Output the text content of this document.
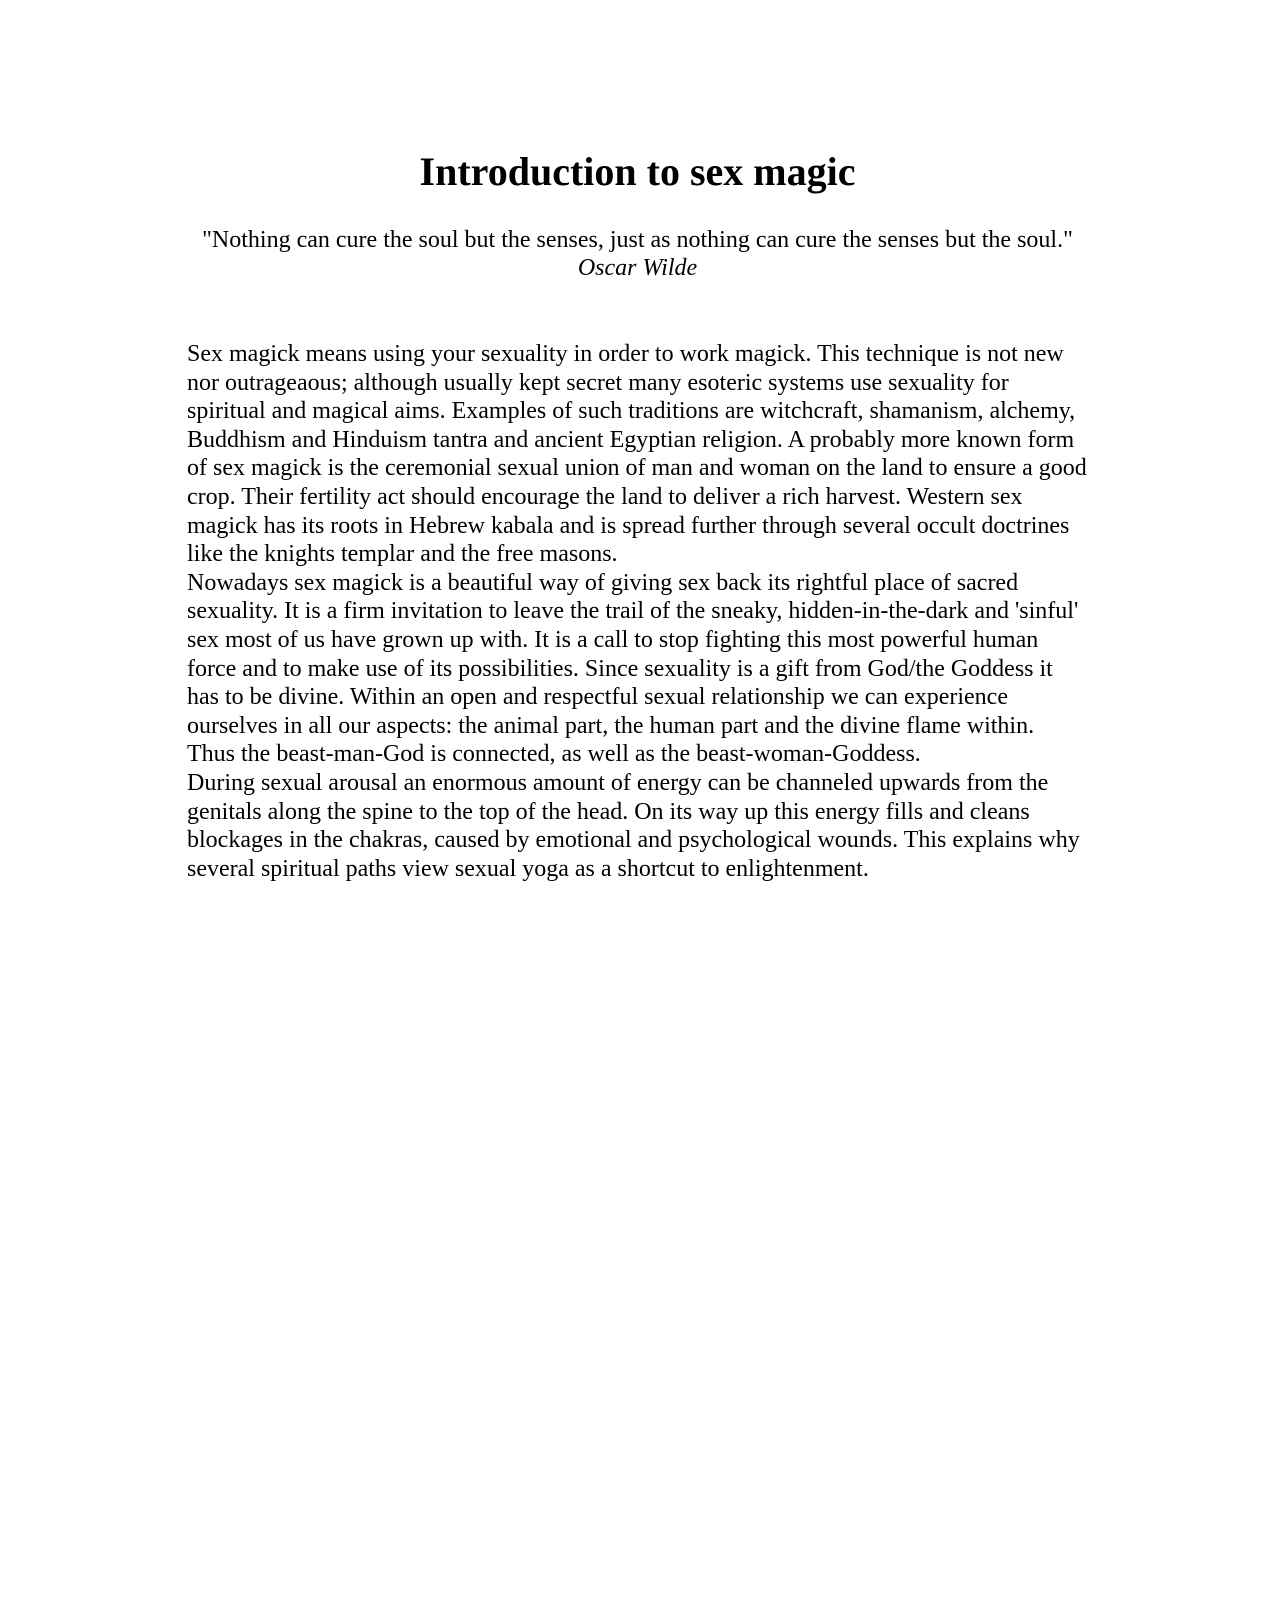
Introduction to sex magic
"Nothing can cure the soul but the senses, just as nothing can cure the senses but the soul."
Oscar Wilde

Sex magick means using your sexuality in order to work magick. This technique is not new nor outrageaous; although usually kept secret many esoteric systems use sexuality for spiritual and magical aims. Examples of such traditions are witchcraft, shamanism, alchemy, Buddhism and Hinduism tantra and ancient Egyptian religion. A probably more known form of sex magick is the ceremonial sexual union of man and woman on the land to ensure a good crop. Their fertility act should encourage the land to deliver a rich harvest. Western sex magick has its roots in Hebrew kabala and is spread further through several occult doctrines like the knights templar and the free masons.

Nowadays sex magick is a beautiful way of giving sex back its rightful place of sacred sexuality. It is a firm invitation to leave the trail of the sneaky, hidden-in-the-dark and 'sinful' sex most of us have grown up with. It is a call to stop fighting this most powerful human force and to make use of its possibilities. Since sexuality is a gift from God/the Goddess it has to be divine. Within an open and respectful sexual relationship we can experience ourselves in all our aspects: the animal part, the human part and the divine flame within. Thus the beast-man-God is connected, as well as the beast-woman-Goddess.

During sexual arousal an enormous amount of energy can be channeled upwards from the genitals along the spine to the top of the head. On its way up this energy fills and cleans blockages in the chakras, caused by emotional and psychological wounds. This explains why several spiritual paths view sexual yoga as a shortcut to enlightenment.
